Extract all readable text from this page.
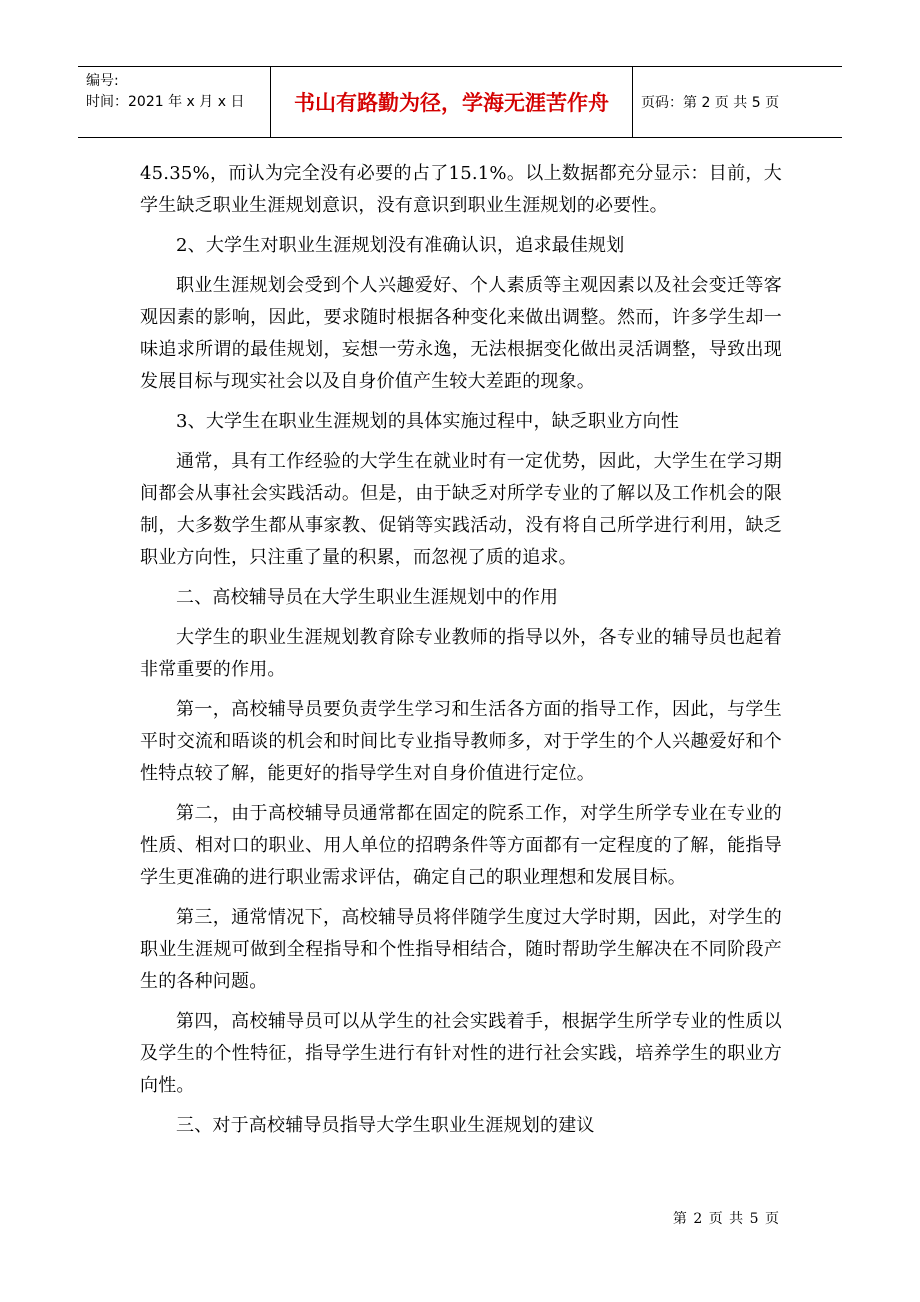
编号:
时间：2021 年 x 月 x 日	书山有路勤为径，学海无涯苦作舟	页码：第 2 页 共 5 页

45.35%，而认为完全没有必要的占了15.1%。以上数据都充分显示：目前，大学生缺乏职业生涯规划意识，没有意识到职业生涯规划的必要性。

2、大学生对职业生涯规划没有准确认识，追求最佳规划

职业生涯规划会受到个人兴趣爱好、个人素质等主观因素以及社会变迁等客观因素的影响，因此，要求随时根据各种变化来做出调整。然而，许多学生却一味追求所谓的最佳规划，妄想一劳永逸，无法根据变化做出灵活调整，导致出现发展目标与现实社会以及自身价值产生较大差距的现象。

3、大学生在职业生涯规划的具体实施过程中，缺乏职业方向性

通常，具有工作经验的大学生在就业时有一定优势，因此，大学生在学习期间都会从事社会实践活动。但是，由于缺乏对所学专业的了解以及工作机会的限制，大多数学生都从事家教、促销等实践活动，没有将自己所学进行利用，缺乏职业方向性，只注重了量的积累，而忽视了质的追求。

二、高校辅导员在大学生职业生涯规划中的作用

大学生的职业生涯规划教育除专业教师的指导以外，各专业的辅导员也起着非常重要的作用。

第一，高校辅导员要负责学生学习和生活各方面的指导工作，因此，与学生平时交流和晤谈的机会和时间比专业指导教师多，对于学生的个人兴趣爱好和个性特点较了解，能更好的指导学生对自身价值进行定位。

第二，由于高校辅导员通常都在固定的院系工作，对学生所学专业在专业的性质、相对口的职业、用人单位的招聘条件等方面都有一定程度的了解，能指导学生更准确的进行职业需求评估，确定自己的职业理想和发展目标。

第三，通常情况下，高校辅导员将伴随学生度过大学时期，因此，对学生的职业生涯规可做到全程指导和个性指导相结合，随时帮助学生解决在不同阶段产生的各种问题。

第四，高校辅导员可以从学生的社会实践着手，根据学生所学专业的性质以及学生的个性特征，指导学生进行有针对性的进行社会实践，培养学生的职业方向性。

三、对于高校辅导员指导大学生职业生涯规划的建议

第 2 页 共 5 页
